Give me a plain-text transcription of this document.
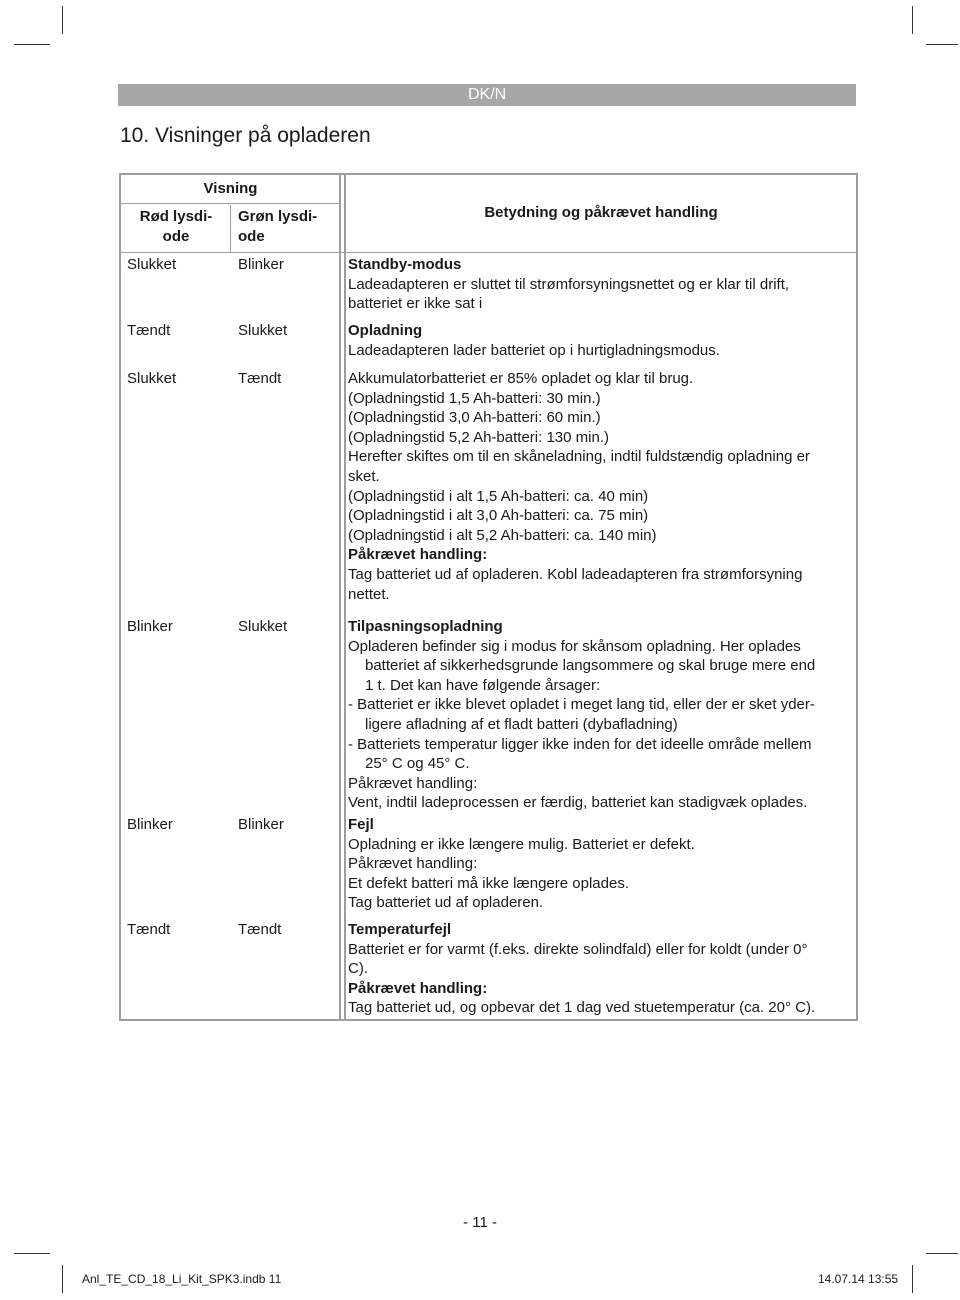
DK/N
10. Visninger på opladeren
Visning
Rød lysdi-
ode
Grøn lysdi-
ode
Betydning og påkrævet handling
Slukket	Blinker	Standby-modus
Ladeadapteren er sluttet til strømforsyningsnettet og er klar til drift,
batteriet er ikke sat i
Tændt	Slukket	Opladning
Ladeadapteren lader batteriet op i hurtigladningsmodus.
Slukket	Tændt	Akkumulatorbatteriet er 85% opladet og klar til brug.
(Opladningstid 1,5 Ah-batteri: 30 min.)
(Opladningstid 3,0 Ah-batteri: 60 min.)
(Opladningstid 5,2 Ah-batteri: 130 min.)
Herefter skiftes om til en skåneladning, indtil fuldstændig opladning er
sket.
(Opladningstid i alt 1,5 Ah-batteri: ca. 40 min)
(Opladningstid i alt 3,0 Ah-batteri: ca. 75 min)
(Opladningstid i alt 5,2 Ah-batteri: ca. 140 min)
Påkrævet handling:
Tag batteriet ud af opladeren. Kobl ladeadapteren fra strømforsyning
nettet.
Blinker	Slukket	Tilpasningsopladning
Opladeren befinder sig i modus for skånsom opladning. Her oplades
batteriet af sikkerhedsgrunde langsommere og skal bruge mere end
1 t. Det kan have følgende årsager:
- Batteriet er ikke blevet opladet i meget lang tid, eller der er sket yder-
ligere afladning af et fladt batteri (dybafladning)
- Batteriets temperatur ligger ikke inden for det ideelle område mellem
25° C og 45° C.
Påkrævet handling:
Vent, indtil ladeprocessen er færdig, batteriet kan stadigvæk oplades.
Blinker	Blinker	Fejl
Opladning er ikke længere mulig. Batteriet er defekt.
Påkrævet handling:
Et defekt batteri må ikke længere oplades.
Tag batteriet ud af opladeren.
Tændt	Tændt	Temperaturfejl
Batteriet er for varmt (f.eks. direkte solindfald) eller for koldt (under 0°
C).
Påkrævet handling:
Tag batteriet ud, og opbevar det 1 dag ved stuetemperatur (ca. 20° C).
- 11 -
Anl_TE_CD_18_Li_Kit_SPK3.indb 11	14.07.14 13:55
